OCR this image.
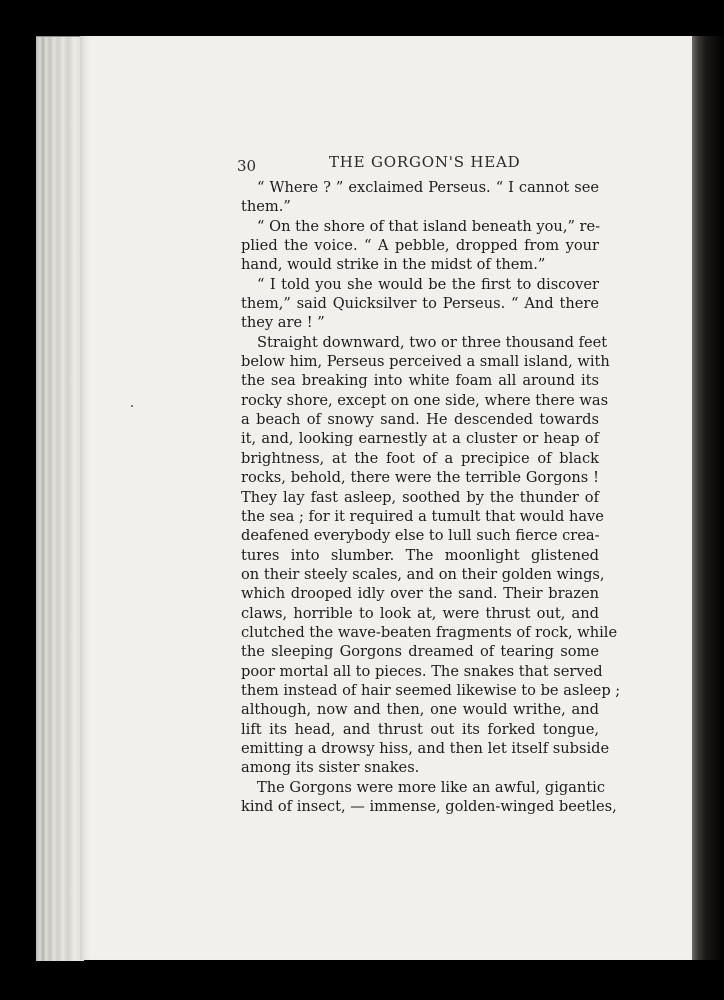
30	THE GORGON'S HEAD
“ Where ? ” exclaimed Perseus. “ I cannot see
them.”
“ On the shore of that island beneath you,” re-
plied the voice. “ A pebble, dropped from your
hand, would strike in the midst of them.”
“ I told you she would be the first to discover
them,” said Quicksilver to Perseus. “ And there
they are ! ”
Straight downward, two or three thousand feet
below him, Perseus perceived a small island, with
the sea breaking into white foam all around its
rocky shore, except on one side, where there was
a beach of snowy sand. He descended towards
it, and, looking earnestly at a cluster or heap of
brightness, at the foot of a precipice of black
rocks, behold, there were the terrible Gorgons !
They lay fast asleep, soothed by the thunder of
the sea ; for it required a tumult that would have
deafened everybody else to lull such fierce crea-
tures into slumber. The moonlight glistened
on their steely scales, and on their golden wings,
which drooped idly over the sand. Their brazen
claws, horrible to look at, were thrust out, and
clutched the wave-beaten fragments of rock, while
the sleeping Gorgons dreamed of tearing some
poor mortal all to pieces. The snakes that served
them instead of hair seemed likewise to be asleep ;
although, now and then, one would writhe, and
lift its head, and thrust out its forked tongue,
emitting a drowsy hiss, and then let itself subside
among its sister snakes.
The Gorgons were more like an awful, gigantic
kind of insect, — immense, golden-winged beetles,
